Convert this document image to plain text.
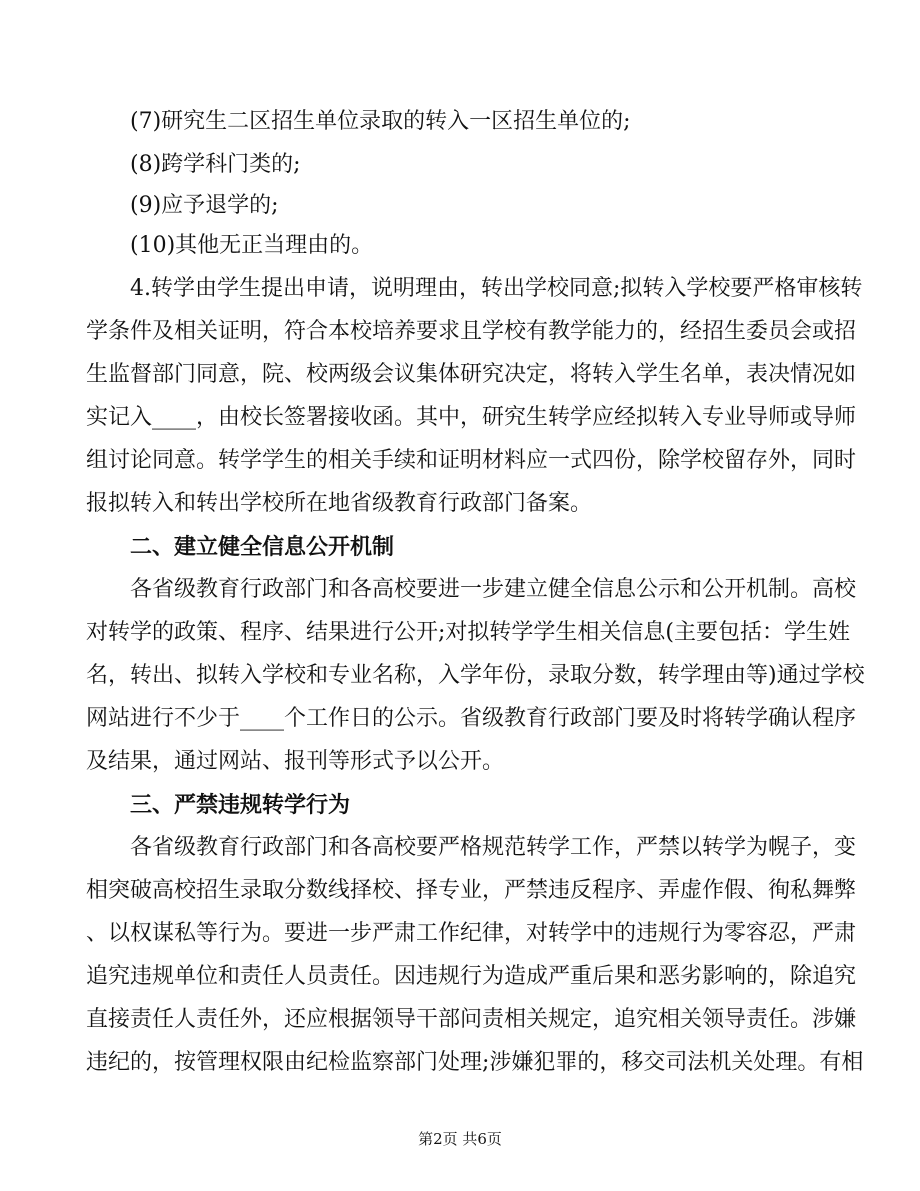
(7)研究生二区招生单位录取的转入一区招生单位的;
(8)跨学科门类的;
(9)应予退学的;
(10)其他无正当理由的。
4.转学由学生提出申请，说明理由，转出学校同意;拟转入学校要严格审核转
学条件及相关证明，符合本校培养要求且学校有教学能力的，经招生委员会或招
生监督部门同意，院、校两级会议集体研究决定，将转入学生名单，表决情况如
实记入____，由校长签署接收函。其中，研究生转学应经拟转入专业导师或导师
组讨论同意。转学学生的相关手续和证明材料应一式四份，除学校留存外，同时
报拟转入和转出学校所在地省级教育行政部门备案。
二、建立健全信息公开机制
各省级教育行政部门和各高校要进一步建立健全信息公示和公开机制。高校
对转学的政策、程序、结果进行公开;对拟转学学生相关信息(主要包括：学生姓
名，转出、拟转入学校和专业名称，入学年份，录取分数，转学理由等)通过学校
网站进行不少于____个工作日的公示。省级教育行政部门要及时将转学确认程序
及结果，通过网站、报刊等形式予以公开。
三、严禁违规转学行为
各省级教育行政部门和各高校要严格规范转学工作，严禁以转学为幌子，变
相突破高校招生录取分数线择校、择专业，严禁违反程序、弄虚作假、徇私舞弊
、以权谋私等行为。要进一步严肃工作纪律，对转学中的违规行为零容忍，严肃
追究违规单位和责任人员责任。因违规行为造成严重后果和恶劣影响的，除追究
直接责任人责任外，还应根据领导干部问责相关规定，追究相关领导责任。涉嫌
违纪的，按管理权限由纪检监察部门处理;涉嫌犯罪的，移交司法机关处理。有相
第2页 共6页
